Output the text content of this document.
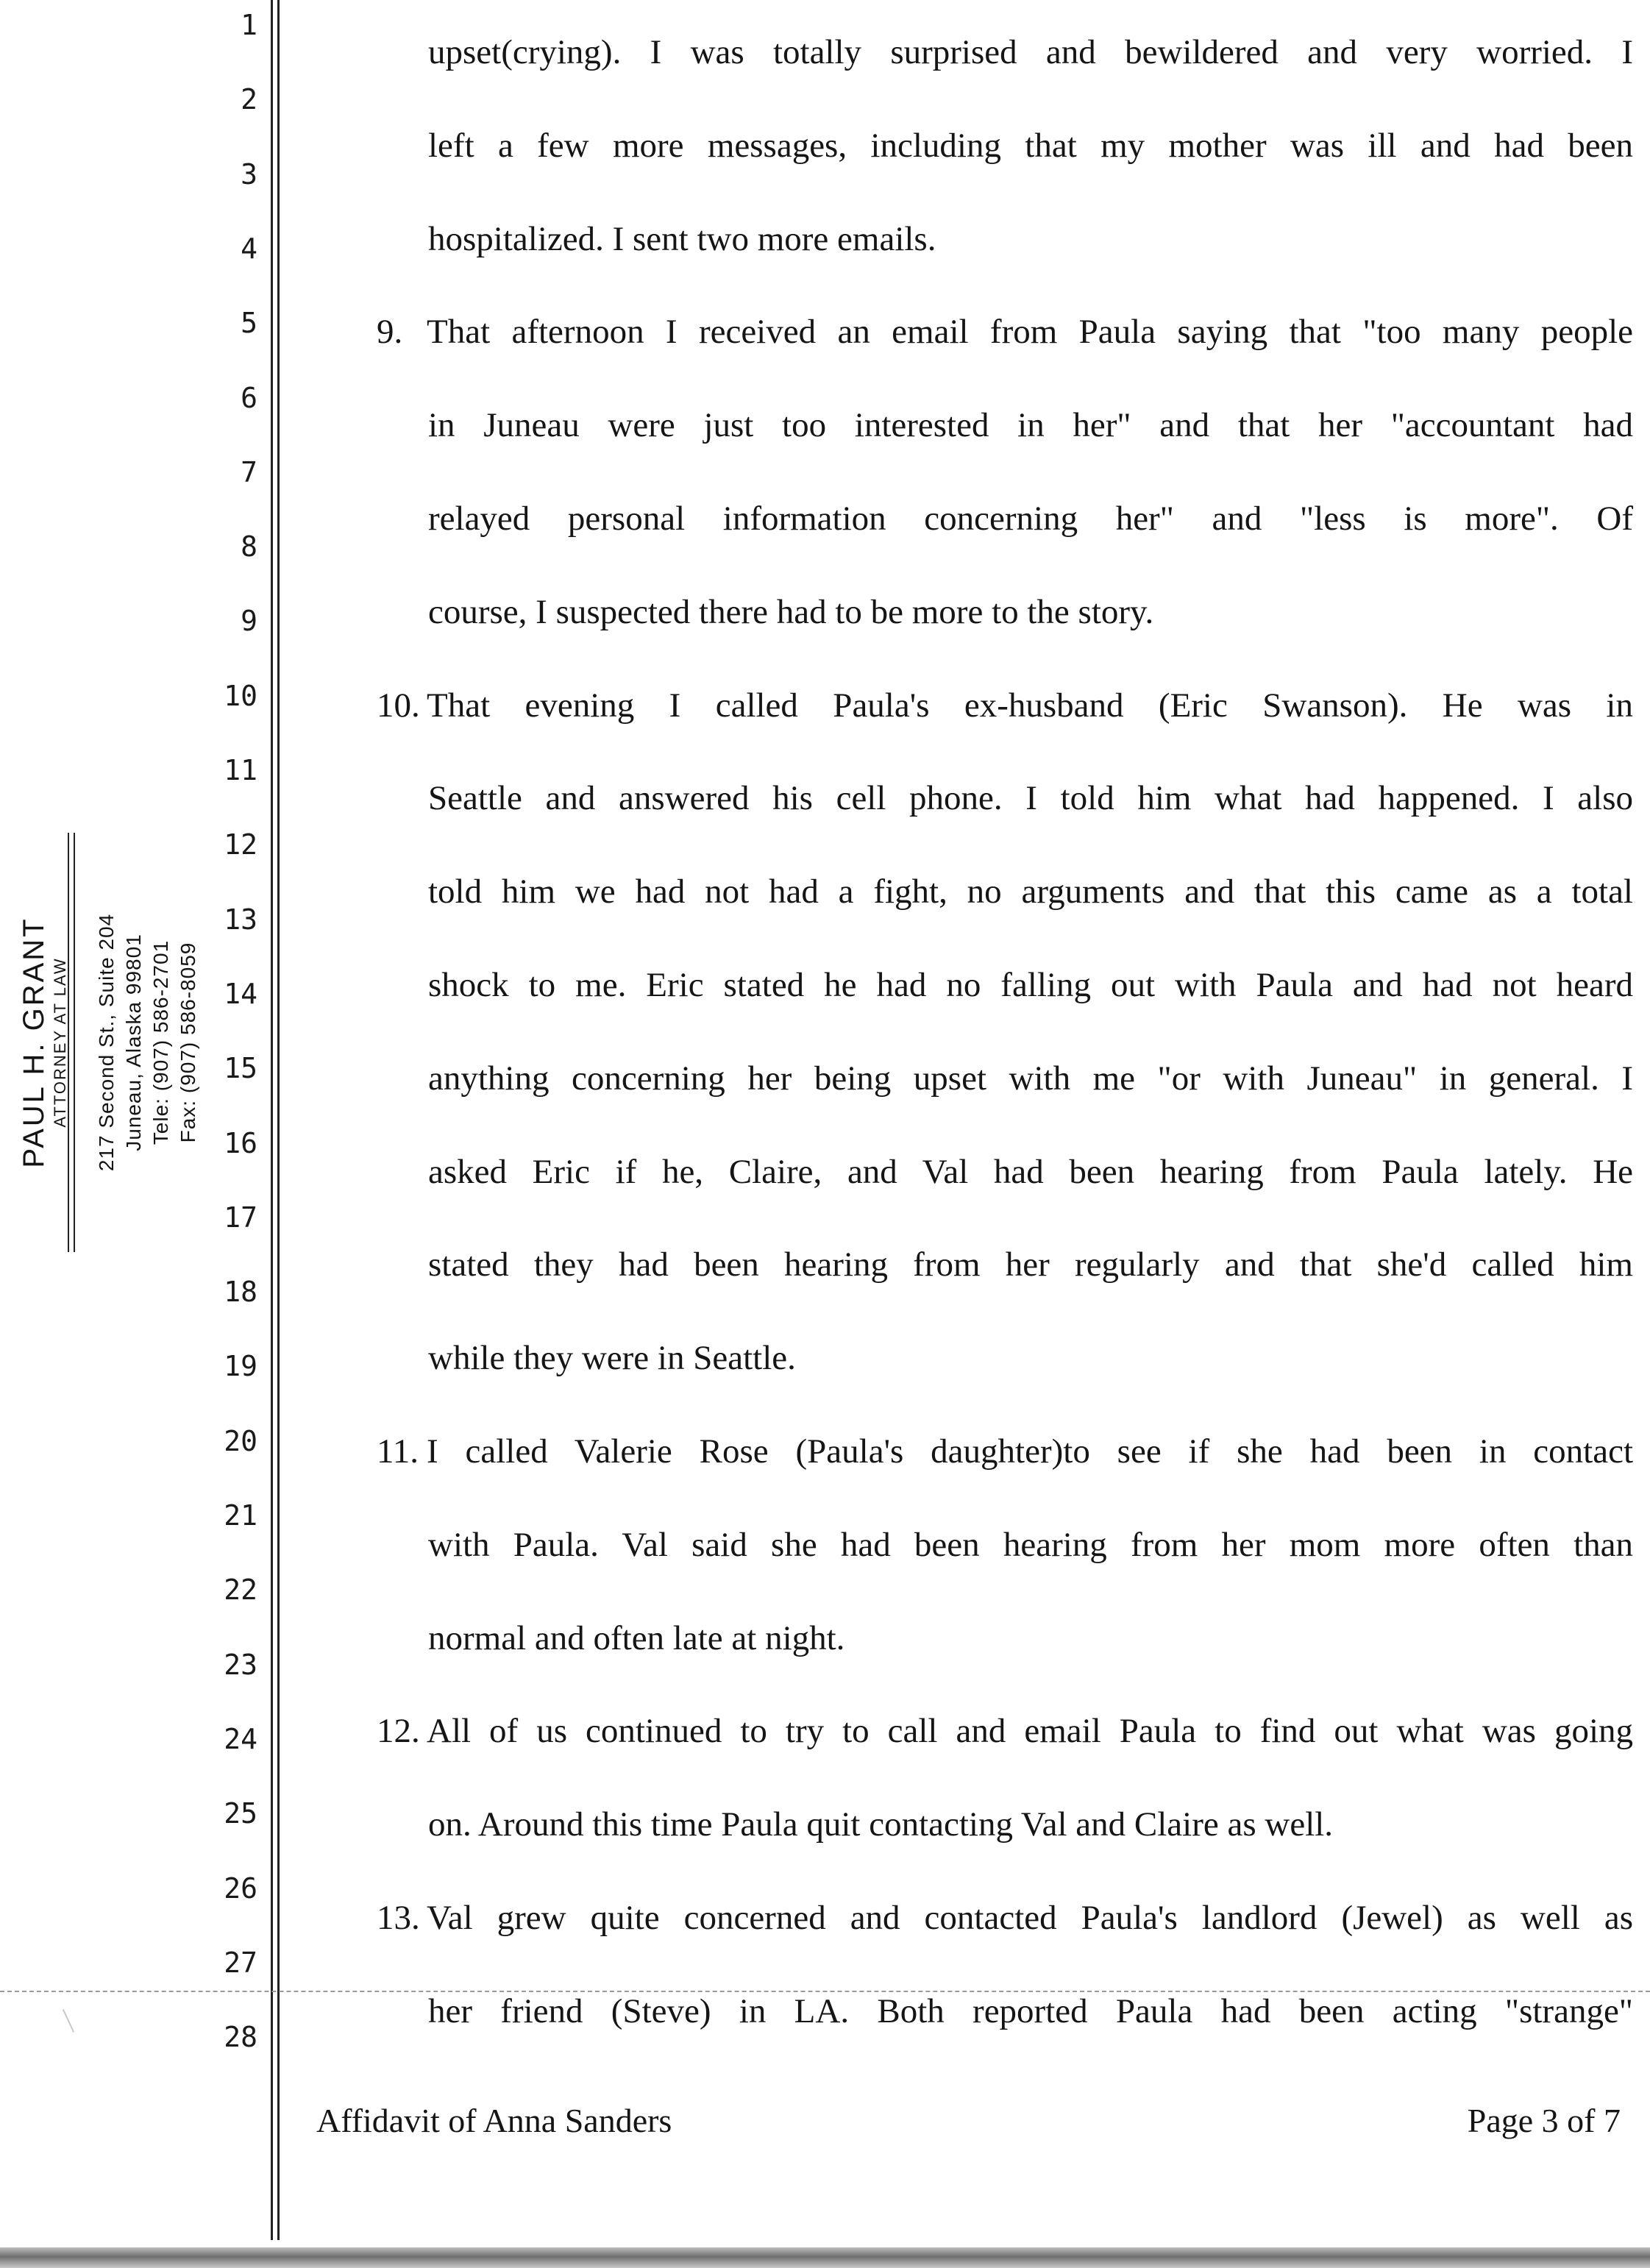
1
2
3
4
5
6
7
8
9
10
11
12
13
14
15
16
17
18
19
20
21
22
23
24
25
26
27
28
PAUL H. GRANT ATTORNEY AT LAW 217 Second St., Suite 204 Juneau, Alaska 99801 Tele: (907) 586-2701 Fax: (907) 586-8059
upset(crying). I was totally surprised and bewildered and very worried. I
left a few more messages, including that my mother was ill and had been
hospitalized. I sent two more emails.
9. That afternoon I received an email from Paula saying that "too many people
in Juneau were just too interested in her" and that her "accountant had
relayed personal information concerning her" and "less is more". Of
course, I suspected there had to be more to the story.
10. That evening I called Paula's ex-husband (Eric Swanson). He was in
Seattle and answered his cell phone. I told him what had happened. I also
told him we had not had a fight, no arguments and that this came as a total
shock to me. Eric stated he had no falling out with Paula and had not heard
anything concerning her being upset with me "or with Juneau" in general. I
asked Eric if he, Claire, and Val had been hearing from Paula lately. He
stated they had been hearing from her regularly and that she'd called him
while they were in Seattle.
11. I called Valerie Rose (Paula's daughter)to see if she had been in contact
with Paula. Val said she had been hearing from her mom more often than
normal and often late at night.
12. All of us continued to try to call and email Paula to find out what was going
on. Around this time Paula quit contacting Val and Claire as well.
13. Val grew quite concerned and contacted Paula's landlord (Jewel) as well as
her friend (Steve) in LA. Both reported Paula had been acting "strange"
Affidavit of Anna Sanders	Page 3 of 7
